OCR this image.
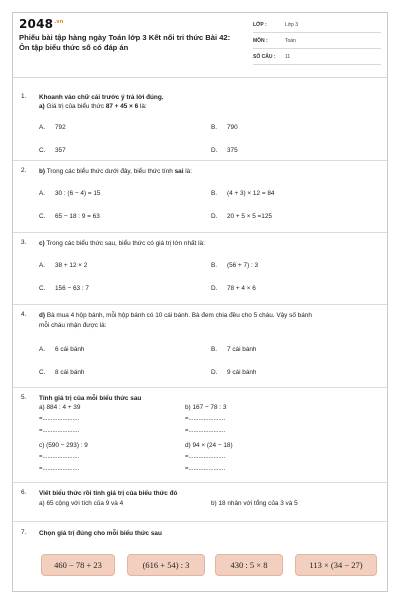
$2048^{.vn}$
Phiếu bài tập hàng ngày Toán lớp 3 Kết nối tri thức Bài 42:
Ôn tập biểu thức số có đáp án
LỚP :	Lớp 3
MÔN :	Toán
SỐ CÂU : 11
1. Khoanh vào chữ cái trước ý trả lời đúng.
a) Giá trị của biểu thức 87 + 45 × 6 là:
A. 792	B. 790
C. 357	D. 375
2. b) Trong các biểu thức dưới đây, biểu thức tính sai là:
A. 30 : (6 − 4) = 15	B. (4 + 3) × 12 = 84
C. 65 − 18 : 9 = 63	D. 20 + 5 × 5 =125
3. c) Trong các biểu thức sau, biểu thức có giá trị lớn nhất là:
A. 38 + 12 × 2	B. (56 + 7) : 3
C. 156 − 63 : 7	D. 78 + 4 × 6
4. d) Bà mua 4 hộp bánh, mỗi hộp bánh có 10 cái bánh. Bà đem chia đều cho 5 cháu. Vậy số bánh
mỗi cháu nhận được là:
A. 6 cái bánh	B. 7 cái bánh
C. 8 cái bánh	D. 9 cái bánh
5. Tính giá trị của mỗi biểu thức sau
a) 884 : 4 + 39	b) 167 − 78 : 3
=......................	=......................
=......................	=......................
c) (590 − 293) : 9	d) 94 × (24 − 18)
=......................	=......................
=......................	=......................
6. Viết biểu thức rồi tính giá trị của biểu thức đó
a) 65 cộng với tích của 9 và 4	b) 18 nhân với tổng của 3 và 5
7. Chọn giá trị đúng cho mỗi biểu thức sau
460 − 78 + 23	(616 + 54) : 3	430 : 5 × 8	113 × (34 − 27)
